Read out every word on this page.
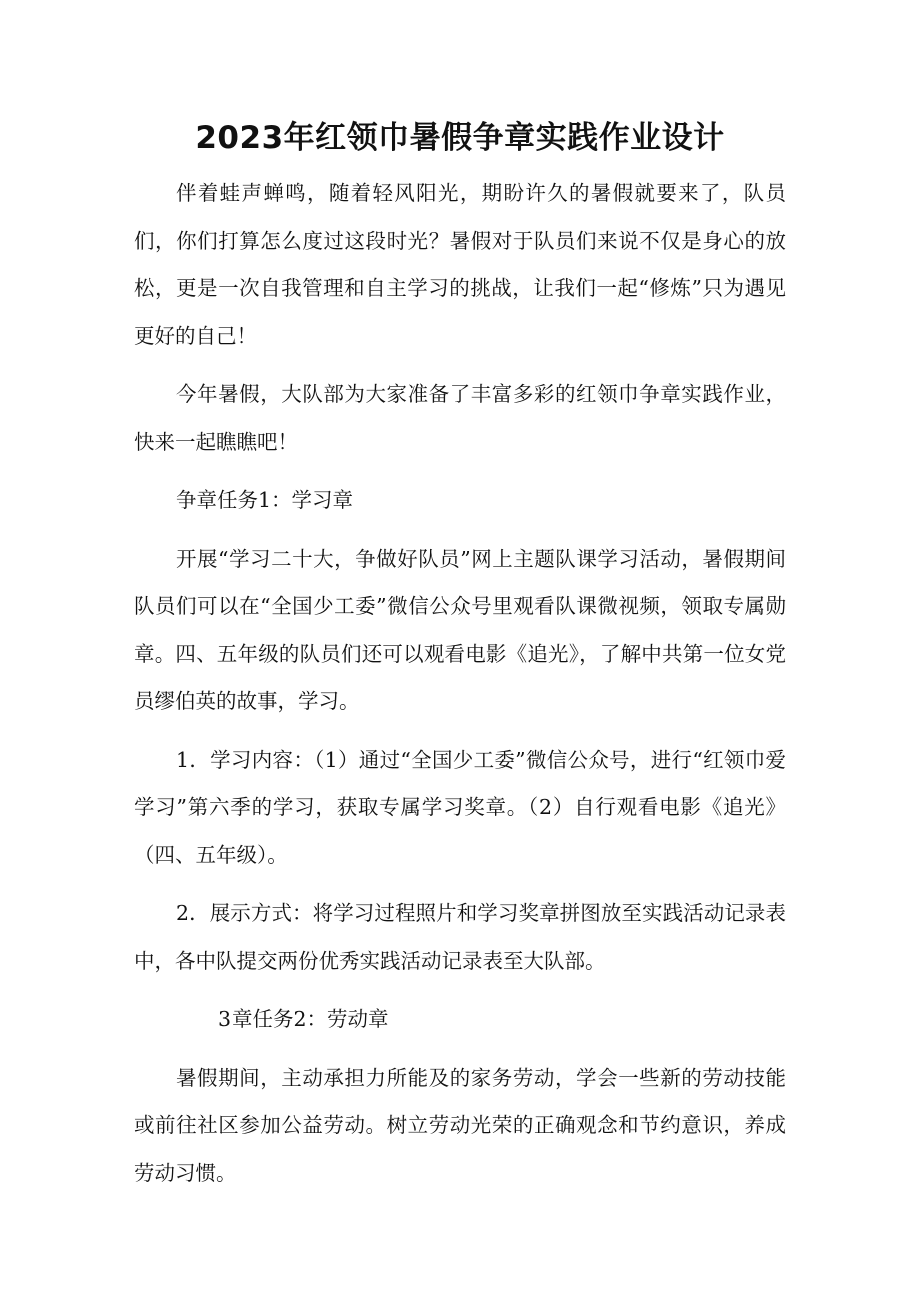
2023年红领巾暑假争章实践作业设计

伴着蛙声蝉鸣，随着轻风阳光，期盼许久的暑假就要来了，队员们，你们打算怎么度过这段时光？暑假对于队员们来说不仅是身心的放松，更是一次自我管理和自主学习的挑战，让我们一起“修炼”只为遇见更好的自己！

今年暑假，大队部为大家准备了丰富多彩的红领巾争章实践作业，快来一起瞧瞧吧！

争章任务1：学习章

开展“学习二十大，争做好队员”网上主题队课学习活动，暑假期间队员们可以在“全国少工委”微信公众号里观看队课微视频，领取专属勋章。四、五年级的队员们还可以观看电影《追光》，了解中共第一位女党员缪伯英的故事，学习。

1．学习内容：（1）通过“全国少工委”微信公众号，进行“红领巾爱学习”第六季的学习，获取专属学习奖章。（2）自行观看电影《追光》（四、五年级）。

2．展示方式：将学习过程照片和学习奖章拼图放至实践活动记录表中，各中队提交两份优秀实践活动记录表至大队部。

3章任务2：劳动章

暑假期间，主动承担力所能及的家务劳动，学会一些新的劳动技能或前往社区参加公益劳动。树立劳动光荣的正确观念和节约意识，养成劳动习惯。
